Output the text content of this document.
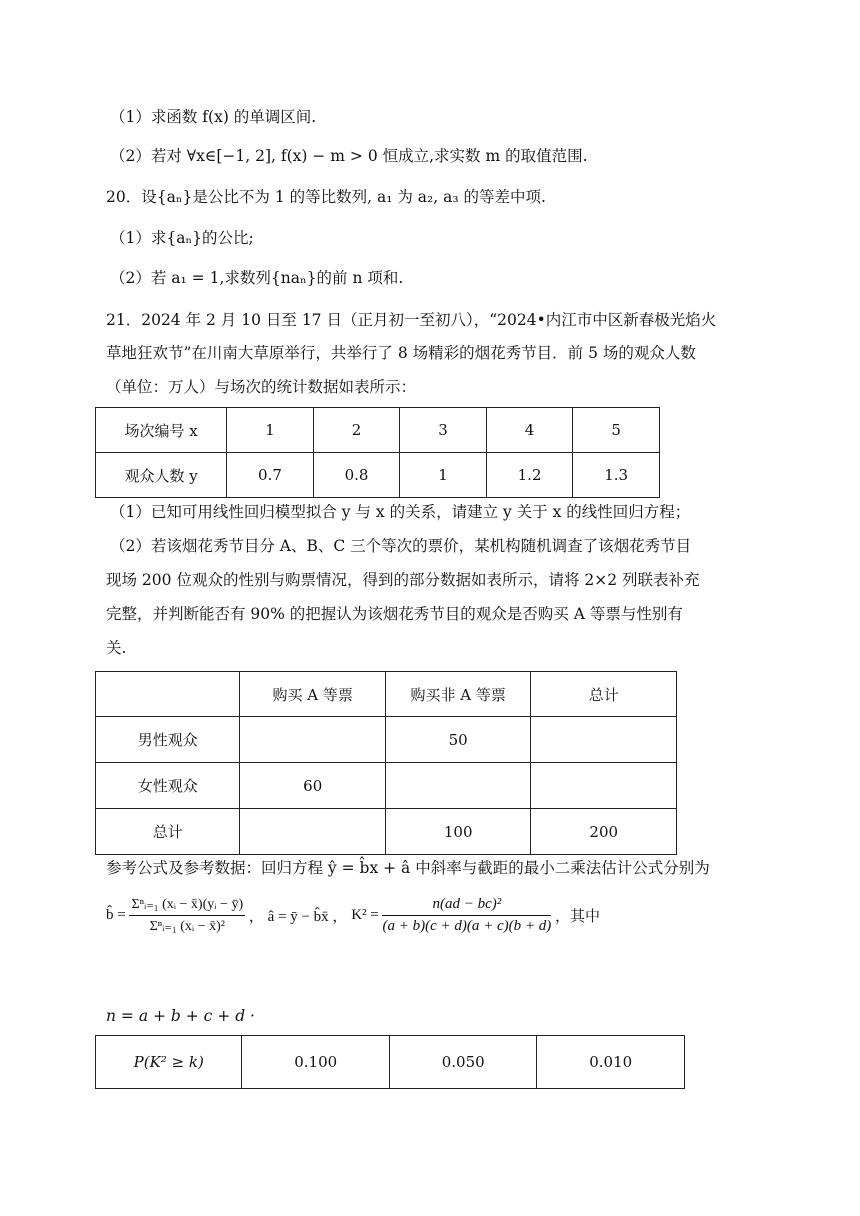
（1）求函数 f(x) 的单调区间.
（2）若对 ∀x∈[−1, 2], f(x) − m > 0 恒成立,求实数 m 的取值范围.
20．设{aₙ}是公比不为 1 的等比数列, a₁ 为 a₂, a₃ 的等差中项.
（1）求{aₙ}的公比;
（2）若 a₁ = 1,求数列{naₙ}的前 n 项和.
21．2024 年 2 月 10 日至 17 日（正月初一至初八），“2024•内江市中区新春极光焰火
草地狂欢节”在川南大草原举行，共举行了 8 场精彩的烟花秀节目．前 5 场的观众人数
（单位：万人）与场次的统计数据如表所示：
场次编号 x	1	2	3	4	5
观众人数 y	0.7	0.8	1	1.2	1.3
（1）已知可用线性回归模型拟合 y 与 x 的关系，请建立 y 关于 x 的线性回归方程；
（2）若该烟花秀节目分 A、B、C 三个等次的票价，某机构随机调查了该烟花秀节目
现场 200 位观众的性别与购票情况，得到的部分数据如表所示，请将 2×2 列联表补充
完整，并判断能否有 90% 的把握认为该烟花秀节目的观众是否购买 A 等票与性别有
关.
	购买 A 等票	购买非 A 等票	总计
男性观众		50	
女性观众	60		
总计		100	200
参考公式及参考数据：回归方程 ŷ = b̂x + â 中斜率与截距的最小二乘法估计公式分别为
b̂ = $\frac{\text{Σⁿᵢ₌₁ (xᵢ − x̄)(yᵢ − ȳ)}}{\text{Σⁿᵢ₌₁ (xᵢ − x̄)²}}$ ， â = ȳ − b̂x̄ ， $K^2 = \frac{\text{n(ad − bc)²}}{(a + b)(c + d)(a + c)(b + d)}$ ，其中
n = a + b + c + d ·
P(K² ≥ k)	0.100	0.050	0.010
